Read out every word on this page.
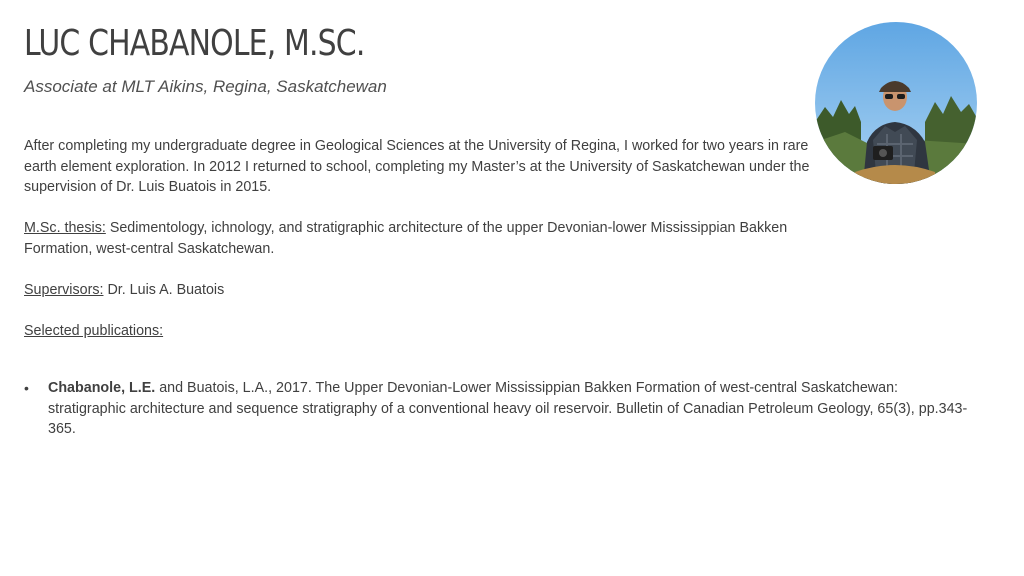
LUC CHABANOLE, M.SC.

Associate at MLT Aikins, Regina, Saskatchewan

After completing my undergraduate degree in Geological Sciences at the University of Regina, I worked for two years in rare earth element exploration. In 2012 I returned to school, completing my Master’s at the University of Saskatchewan under the supervision of Dr. Luis Buatois in 2015.

M.Sc. thesis: Sedimentology, ichnology, and stratigraphic architecture of the upper Devonian-lower Mississippian Bakken Formation, west-central Saskatchewan.

Supervisors: Dr. Luis A. Buatois

Selected publications:

•	Chabanole, L.E. and Buatois, L.A., 2017. The Upper Devonian-Lower Mississippian Bakken Formation of west-central Saskatchewan: stratigraphic architecture and sequence stratigraphy of a conventional heavy oil reservoir. Bulletin of Canadian Petroleum Geology, 65(3), pp.343-365.
